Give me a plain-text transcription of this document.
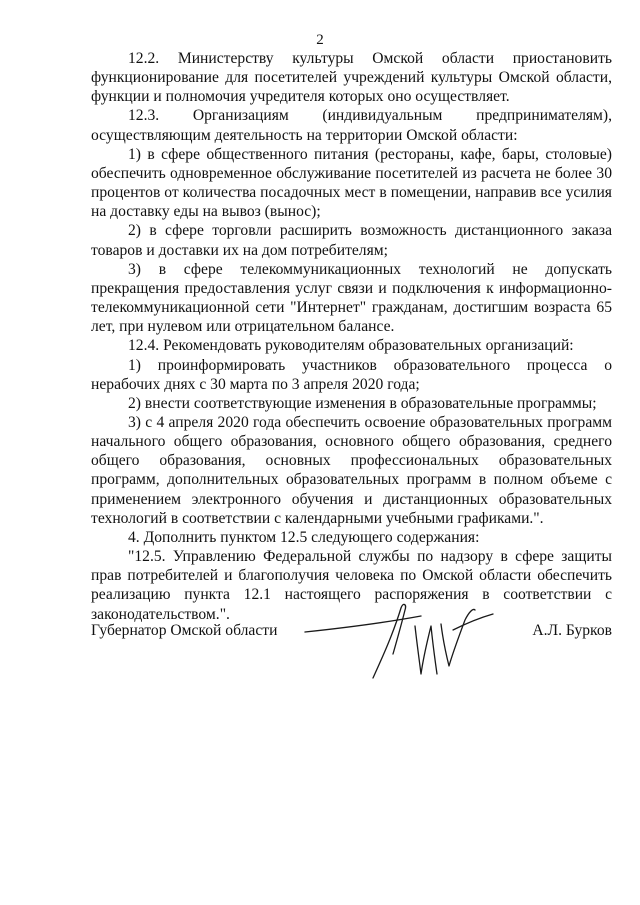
2

12.2. Министерству культуры Омской области приостановить функционирование для посетителей учреждений культуры Омской области, функции и полномочия учредителя которых оно осуществляет.

12.3. Организациям (индивидуальным предпринимателям), осуществляющим деятельность на территории Омской области:

1) в сфере общественного питания (рестораны, кафе, бары, столовые) обеспечить одновременное обслуживание посетителей из расчета не более 30 процентов от количества посадочных мест в помещении, направив все усилия на доставку еды на вывоз (вынос);

2) в сфере торговли расширить возможность дистанционного заказа товаров и доставки их на дом потребителям;

3) в сфере телекоммуникационных технологий не допускать прекращения предоставления услуг связи и подключения к информационно-телекоммуникационной сети "Интернет" гражданам, достигшим возраста 65 лет, при нулевом или отрицательном балансе.

12.4. Рекомендовать руководителям образовательных организаций:

1) проинформировать участников образовательного процесса о нерабочих днях с 30 марта по 3 апреля 2020 года;

2) внести соответствующие изменения в образовательные программы;

3) с 4 апреля 2020 года обеспечить освоение образовательных программ начального общего образования, основного общего образования, среднего общего образования, основных профессиональных образовательных программ, дополнительных образовательных программ в полном объеме с применением электронного обучения и дистанционных образовательных технологий в соответствии с календарными учебными графиками.".

4. Дополнить пунктом 12.5 следующего содержания:

"12.5. Управлению Федеральной службы по надзору в сфере защиты прав потребителей и благополучия человека по Омской области обеспечить реализацию пункта 12.1 настоящего распоряжения в соответствии с законодательством.".

Губернатор Омской области	А.Л. Бурков
